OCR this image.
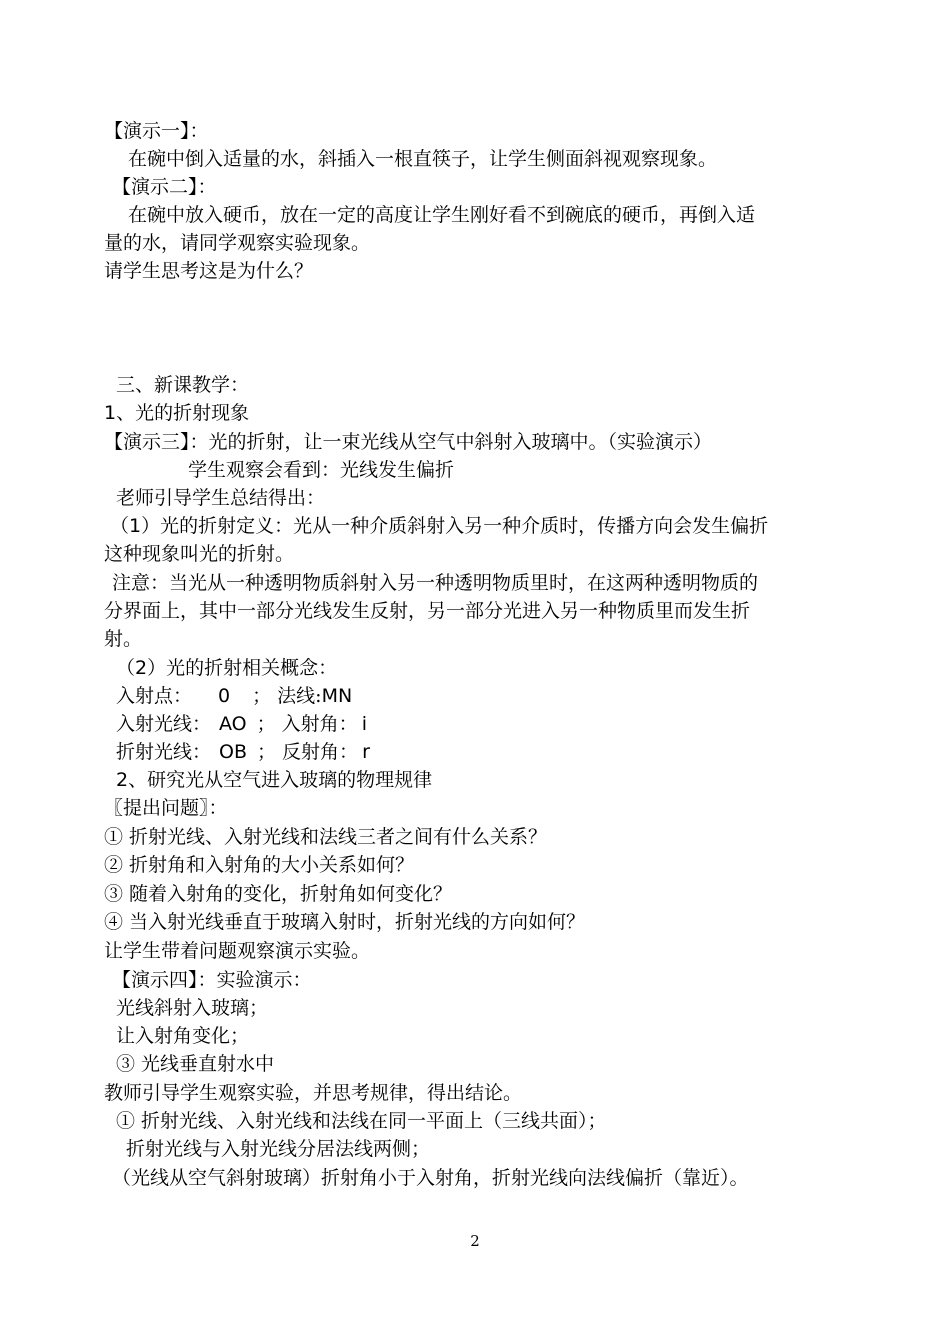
【演示一】：
在碗中倒入适量的水，斜插入一根直筷子，让学生侧面斜视观察现象。
【演示二】：
在碗中放入硬币，放在一定的高度让学生刚好看不到碗底的硬币，再倒入适
量的水，请同学观察实验现象。
请学生思考这是为什么？
三、新课教学：
1、光的折射现象
【演示三】：光的折射，让一束光线从空气中斜射入玻璃中。（实验演示）
学生观察会看到：光线发生偏折
老师引导学生总结得出：
（1）光的折射定义：光从一种介质斜射入另一种介质时，传播方向会发生偏折
这种现象叫光的折射。
注意：当光从一种透明物质斜射入另一种透明物质里时，在这两种透明物质的
分界面上，其中一部分光线发生反射，另一部分光进入另一种物质里而发生折
射。
（2）光的折射相关概念：
入射点： 0 ； 法线:MN
入射光线： AO ； 入射角： i
折射光线： OB ； 反射角： r
2、研究光从空气进入玻璃的物理规律
〖提出问题〗：
① 折射光线、入射光线和法线三者之间有什么关系？
② 折射角和入射角的大小关系如何？
③ 随着入射角的变化，折射角如何变化？
④ 当入射光线垂直于玻璃入射时，折射光线的方向如何？
让学生带着问题观察演示实验。
【演示四】：实验演示：
光线斜射入玻璃；
让入射角变化；
③ 光线垂直射水中
教师引导学生观察实验，并思考规律，得出结论。
① 折射光线、入射光线和法线在同一平面上（三线共面）；
折射光线与入射光线分居法线两侧；
（光线从空气斜射玻璃）折射角小于入射角，折射光线向法线偏折（靠近）。
2
